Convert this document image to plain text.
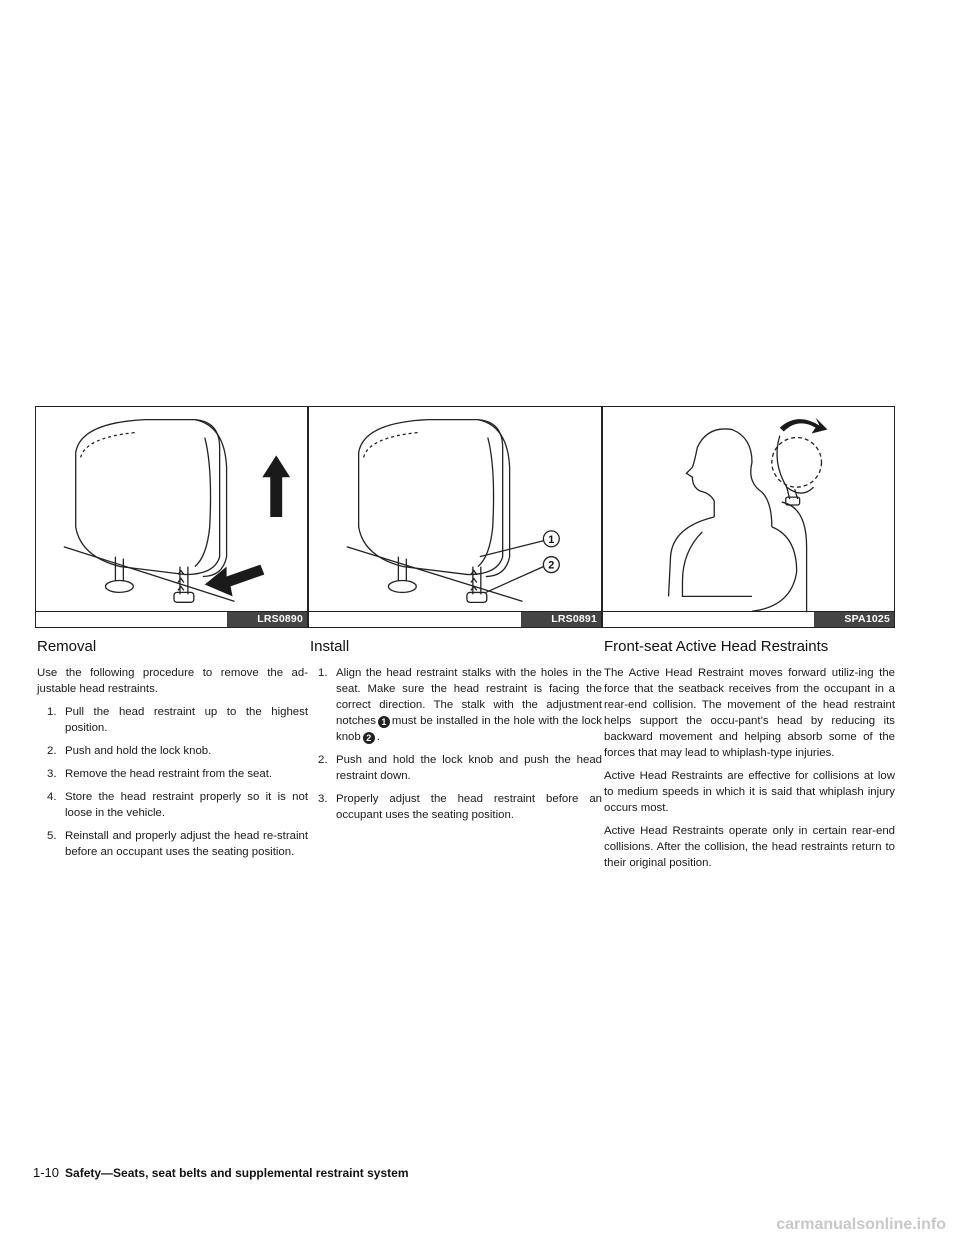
LRS0890
Removal

Use the following procedure to remove the ad-justable head restraints.

1. Pull the head restraint up to the highest position.
2. Push and hold the lock knob.
3. Remove the head restraint from the seat.
4. Store the head restraint properly so it is not loose in the vehicle.
5. Reinstall and properly adjust the head re-straint before an occupant uses the seating position.
1
2
LRS0891
Install
1. Align the head restraint stalks with the holes in the seat. Make sure the head restraint is facing the correct direction. The stalk with the adjustment notches 1 must be installed in the hole with the lock knob 2 .
2. Push and hold the lock knob and push the head restraint down.
3. Properly adjust the head restraint before an occupant uses the seating position.
SPA1025
Front-seat Active Head Restraints

The Active Head Restraint moves forward utiliz-ing the force that the seatback receives from the occupant in a rear-end collision. The movement of the head restraint helps support the occu-pant’s head by reducing its backward movement and helping absorb some of the forces that may lead to whiplash-type injuries.

Active Head Restraints are effective for collisions at low to medium speeds in which it is said that whiplash injury occurs most.

Active Head Restraints operate only in certain rear-end collisions. After the collision, the head restraints return to their original position.

1-10 Safety—Seats, seat belts and supplemental restraint system
carmanualsonline.info
